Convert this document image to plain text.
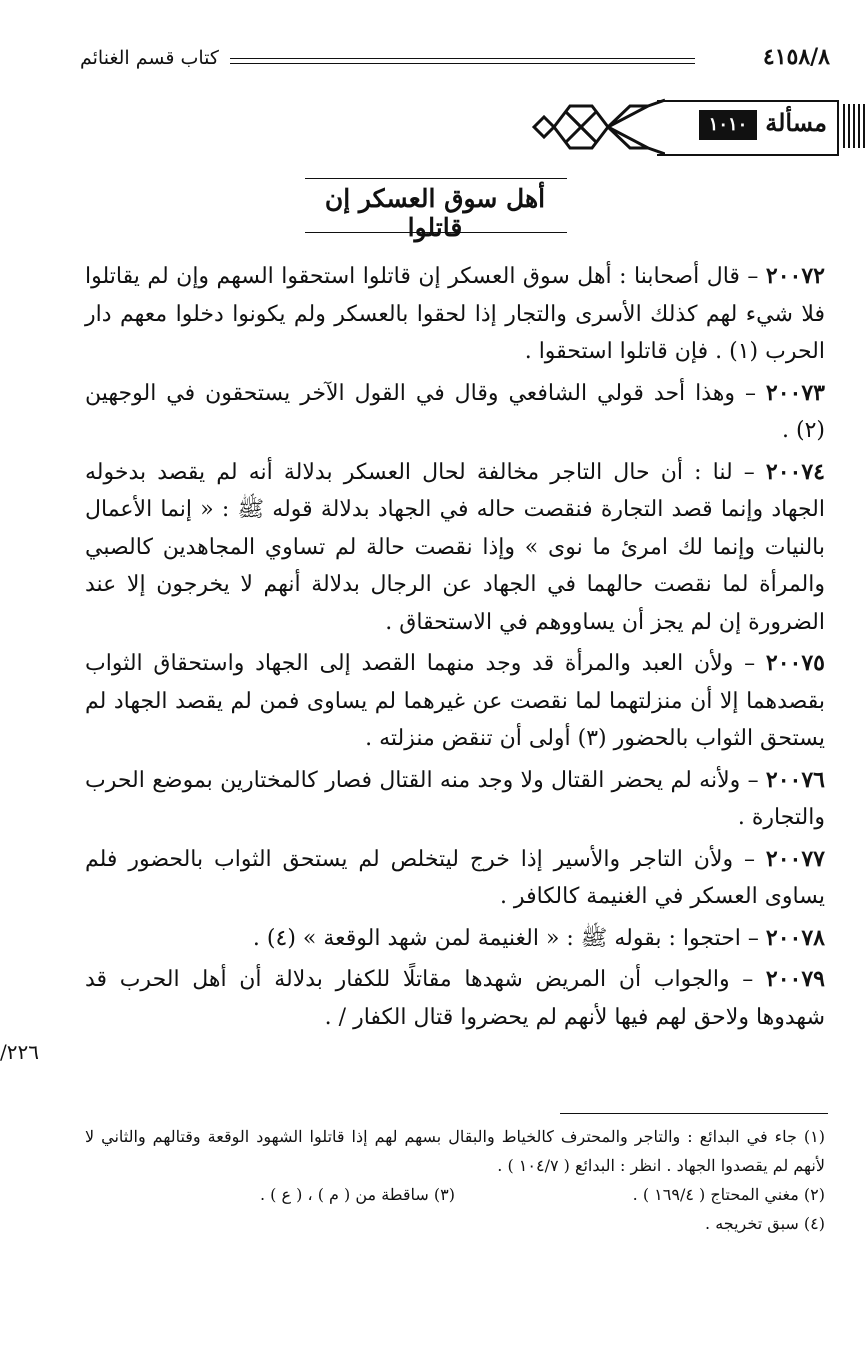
٤١٥٨/٨
كتاب قسم الغنائم
مسألة
١٠١٠
أهل سوق العسكر إن قاتلوا

٢٠٠٧٢ – قال أصحابنا : أهل سوق العسكر إن قاتلوا استحقوا السهم وإن لم يقاتلوا فلا شيء لهم كذلك الأسرى والتجار إذا لحقوا بالعسكر ولم يكونوا دخلوا معهم دار الحرب (١) . فإن قاتلوا استحقوا .

٢٠٠٧٣ – وهذا أحد قولي الشافعي وقال في القول الآخر يستحقون في الوجهين (٢) .

٢٠٠٧٤ – لنا : أن حال التاجر مخالفة لحال العسكر بدلالة أنه لم يقصد بدخوله الجهاد وإنما قصد التجارة فنقصت حاله في الجهاد بدلالة قوله ﷺ : « إنما الأعمال بالنيات وإنما لك امرئ ما نوى » وإذا نقصت حالة لم تساوي المجاهدين كالصبي والمرأة لما نقصت حالهما في الجهاد عن الرجال بدلالة أنهم لا يخرجون إلا عند الضرورة إن لم يجز أن يساووهم في الاستحقاق .

٢٠٠٧٥ – ولأن العبد والمرأة قد وجد منهما القصد إلى الجهاد واستحقاق الثواب بقصدهما إلا أن منزلتهما لما نقصت عن غيرهما لم يساوى فمن لم يقصد الجهاد لم يستحق الثواب بالحضور (٣) أولى أن تنقض منزلته .

٢٠٠٧٦ – ولأنه لم يحضر القتال ولا وجد منه القتال فصار كالمختارين بموضع الحرب والتجارة .

٢٠٠٧٧ – ولأن التاجر والأسير إذا خرج ليتخلص لم يستحق الثواب بالحضور فلم يساوى العسكر في الغنيمة كالكافر .

٢٠٠٧٨ – احتجوا : بقوله ﷺ : « الغنيمة لمن شهد الوقعة » (٤) .

٢٠٠٧٩ – والجواب أن المريض شهدها مقاتلًا للكفار بدلالة أن أهل الحرب قد شهدوها ولاحق لهم فيها لأنهم لم يحضروا قتال الكفار / .

/٢٢٦

(١) جاء في البدائع : والتاجر والمحترف كالخياط والبقال بسهم لهم إذا قاتلوا الشهود الوقعة وقتالهم والثاني لا لأنهم لم يقصدوا الجهاد . انظر : البدائع ( ١٠٤/٧ ) .

(٢) مغني المحتاج ( ١٦٩/٤ ) .

(٣) ساقطة من ( م ) ، ( ع ) .

(٤) سبق تخريجه .
